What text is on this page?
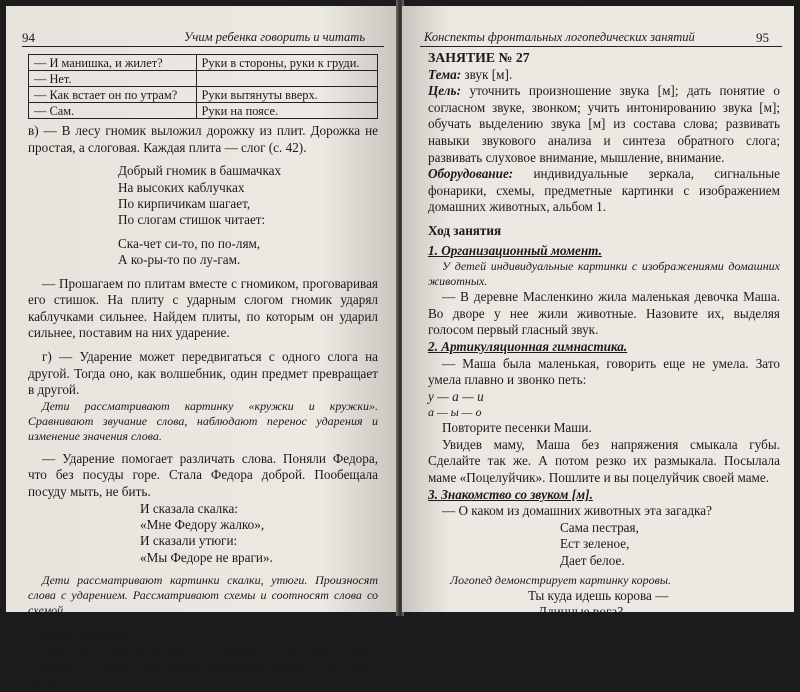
94	Учим ребенка говорить и читать
— И манишка, и жилет?	Руки в стороны, руки к груди.
— Нет.	
— Как встает он по утрам?	Руки вытянуты вверх.
— Сам.	Руки на поясе.

в) — В лесу гномик выложил дорожку из плит. Дорожка не простая, а слоговая. Каждая плита — слог (с. 42).

Добрый гномик в башмачках
На высоких каблучках
По кирпичикам шагает,
По слогам стишок читает:
Ска-чет си-то, по по-лям,
А ко-ры-то по лу-гам.

— Прошагаем по плитам вместе с гномиком, проговаривая его стишок. На плиту с ударным слогом гномик ударял каблучками сильнее. Найдем плиты, по которым он ударил сильнее, поставим на них ударение.

г) — Ударение может передвигаться с одного слога на другой. Тогда оно, как волшебник, один предмет превращает в другой.

Дети рассматривают картинку «кружки и кружки». Сравнивают звучание слова, наблюдают перенос ударения и изменение значения слова.

— Ударение помогает различать слова. Поняли Федора, что без посуды горе. Стала Федора доброй. Пообещала посуду мыть, не бить.

И сказала скалка:
«Мне Федору жалко»,
И сказали утюги:
«Мы Федоре не враги».

Дети рассматривают картинки скалки, утюги. Произносят слова с ударением. Рассматривают схемы и соотносят слова со схемой.

4. Итог занятия.

Логопед демонстрирует предметы посуды. Дети произносят слово с ударением, выделяют ударный гласный в слове.

Конспекты фронтальных логопедических занятий	95

ЗАНЯТИЕ № 27

Тема: звук [м].

Цель: уточнить произношение звука [м]; дать понятие о согласном звуке, звонком; учить интонированию звука [м]; обучать выделению звука [м] из состава слова; развивать навыки звукового анализа и синтеза обратного слога; развивать слуховое внимание, мышление, внимание.

Оборудование: индивидуальные зеркала, сигнальные фонарики, схемы, предметные картинки с изображением домашних животных, альбом 1.

Ход занятия

1. Организационный момент.

У детей индивидуальные картинки с изображениями домашних животных.

— В деревне Масленкино жила маленькая девочка Маша. Во дворе у нее жили животные. Назовите их, выделяя голосом первый гласный звук.

2. Артикуляционная гимнастика.

— Маша была маленькая, говорить еще не умела. Зато умела плавно и звонко петь:

у — а — и

а — ы — о

Повторите песенки Маши.

Увидев маму, Маша без напряжения смыкала губы. Сделайте так же. А потом резко их размыкала. Посылала маме «Поцелуйчик». Пошлите и вы поцелуйчик своей маме.

3. Знакомство со звуком [м].

— О каком из домашних животных эта загадка?

Сама пестрая,
Ест зеленое,
Дает белое.

Логопед демонстрирует картинку коровы.

Ты куда идешь корова —
Длинные рога?
